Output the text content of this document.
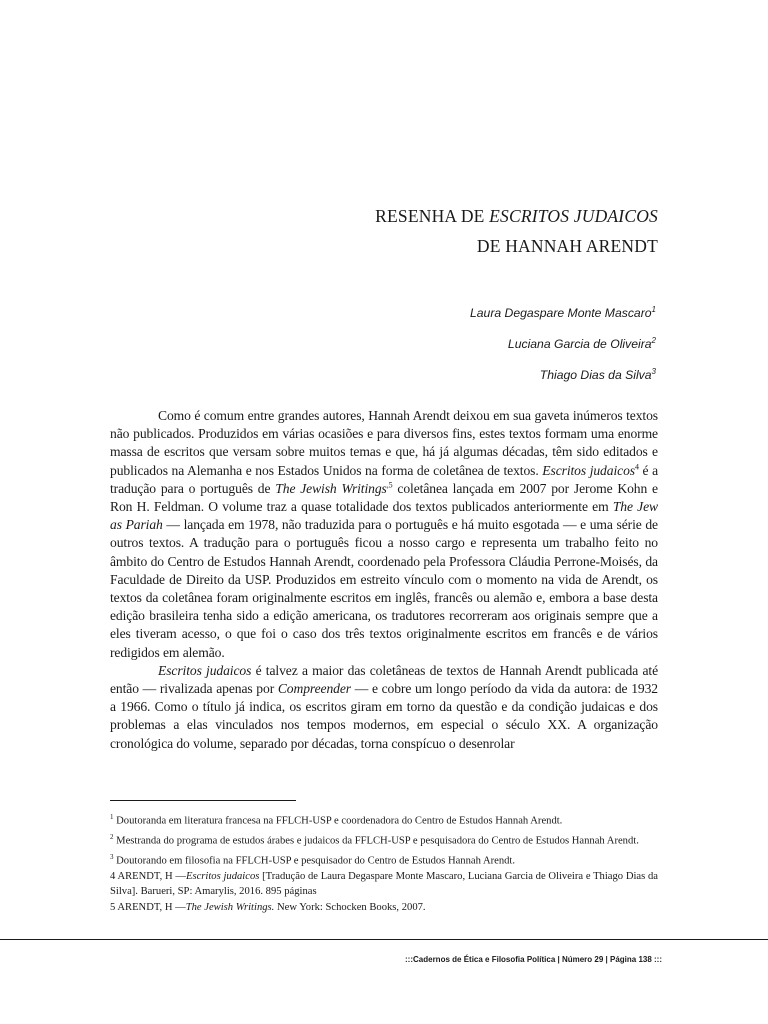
RESENHA DE ESCRITOS JUDAICOS
DE HANNAH ARENDT
Laura Degaspare Monte Mascaro$^1$
Luciana Garcia de Oliveira$^2$
Thiago Dias da Silva$^3$

Como é comum entre grandes autores, Hannah Arendt deixou em sua gaveta inúmeros textos não publicados. Produzidos em várias ocasiões e para diversos fins, estes textos formam uma enorme massa de escritos que versam sobre muitos temas e que, há já algumas décadas, têm sido editados e publicados na Alemanha e nos Estados Unidos na forma de coletânea de textos. Escritos judaicos$^4$ é a tradução para o português de The Jewish Writings$^{,5}$ coletânea lançada em 2007 por Jerome Kohn e Ron H. Feldman. O volume traz a quase totalidade dos textos publicados anteriormente em The Jew as Pariah — lançada em 1978, não traduzida para o português e há muito esgotada — e uma série de outros textos. A tradução para o português ficou a nosso cargo e representa um trabalho feito no âmbito do Centro de Estudos Hannah Arendt, coordenado pela Professora Cláudia Perrone-Moisés, da Faculdade de Direito da USP. Produzidos em estreito vínculo com o momento na vida de Arendt, os textos da coletânea foram originalmente escritos em inglês, francês ou alemão e, embora a base desta edição brasileira tenha sido a edição americana, os tradutores recorreram aos originais sempre que a eles tiveram acesso, o que foi o caso dos três textos originalmente escritos em francês e de vários redigidos em alemão.

Escritos judaicos é talvez a maior das coletâneas de textos de Hannah Arendt publicada até então — rivalizada apenas por Compreender — e cobre um longo período da vida da autora: de 1932 a 1966. Como o título já indica, os escritos giram em torno da questão e da condição judaicas e dos problemas a elas vinculados nos tempos modernos, em especial o século XX. A organização cronológica do volume, separado por décadas, torna conspícuo o desenrolar

$^1$ Doutoranda em literatura francesa na FFLCH-USP e coordenadora do Centro de Estudos Hannah Arendt.
$^2$ Mestranda do programa de estudos árabes e judaicos da FFLCH-USP e pesquisadora do Centro de Estudos Hannah Arendt.
$^3$ Doutorando em filosofia na FFLCH-USP e pesquisador do Centro de Estudos Hannah Arendt.
4 ARENDT, H —Escritos judaicos [Tradução de Laura Degaspare Monte Mascaro, Luciana Garcia de Oliveira e Thiago Dias da Silva]. Barueri, SP: Amarylis, 2016. 895 páginas
5 ARENDT, H —The Jewish Writings. New York: Schocken Books, 2007.
:::Cadernos de Ética e Filosofia Política | Número 29 | Página 138 :::
